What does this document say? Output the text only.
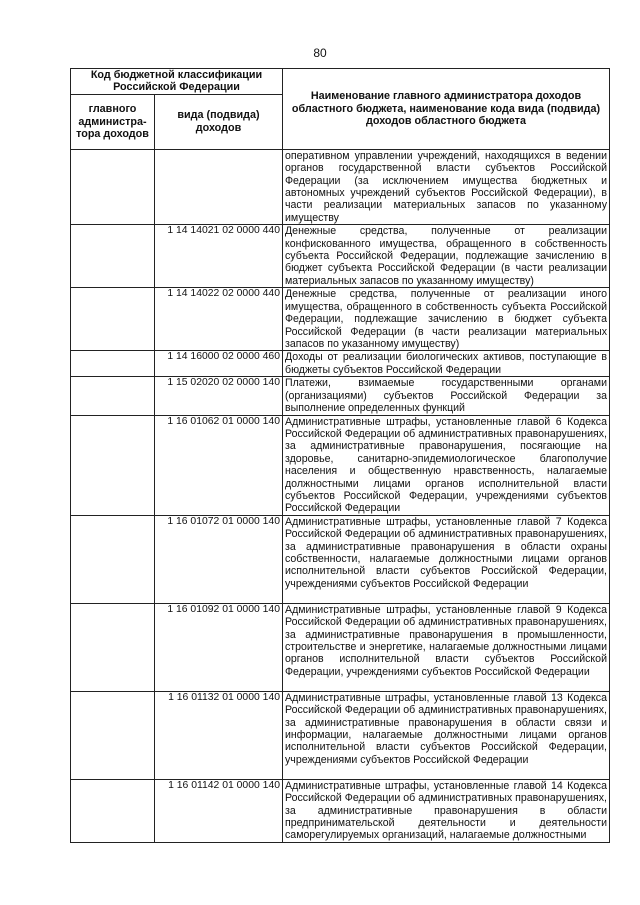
80
Код бюджетной классификации Российской Федерации		Наименование главного администратора доходов областного бюджета, наименование кода вида (подвида) доходов областного бюджета
главного администра-тора доходов	вида (подвида) доходов	
		оперативном управлении учреждений, находящихся в ведении органов государственной власти субъектов Российской Федерации (за исключением имущества бюджетных и автономных учреждений субъектов Российской Федерации), в части реализации материальных запасов по указанному имуществу
	1 14 14021 02 0000 440	Денежные средства, полученные от реализации конфискованного имущества, обращенного в собственность субъекта Российской Федерации, подлежащие зачислению в бюджет субъекта Российской Федерации (в части реализации материальных запасов по указанному имуществу)
	1 14 14022 02 0000 440	Денежные средства, полученные от реализации иного имущества, обращенного в собственность субъекта Российской Федерации, подлежащие зачислению в бюджет субъекта Российской Федерации (в части реализации материальных запасов по указанному имуществу)
	1 14 16000 02 0000 460	Доходы от реализации биологических активов, поступающие в бюджеты субъектов Российской Федерации
	1 15 02020 02 0000 140	Платежи, взимаемые государственными органами (организациями) субъектов Российской Федерации за выполнение определенных функций
	1 16 01062 01 0000 140	Административные штрафы, установленные главой 6 Кодекса Российской Федерации об административных правонарушениях, за административные правонарушения, посягающие на здоровье, санитарно-эпидемиологическое благополучие населения и общественную нравственность, налагаемые должностными лицами органов исполнительной власти субъектов Российской Федерации, учреждениями субъектов Российской Федерации
	1 16 01072 01 0000 140	Административные штрафы, установленные главой 7 Кодекса Российской Федерации об административных правонарушениях, за административные правонарушения в области охраны собственности, налагаемые должностными лицами органов исполнительной власти субъектов Российской Федерации, учреждениями субъектов Российской Федерации
	1 16 01092 01 0000 140	Административные штрафы, установленные главой 9 Кодекса Российской Федерации об административных правонарушениях, за административные правонарушения в промышленности, строительстве и энергетике, налагаемые должностными лицами органов исполнительной власти субъектов Российской Федерации, учреждениями субъектов Российской Федерации
	1 16 01132 01 0000 140	Административные штрафы, установленные главой 13 Кодекса Российской Федерации об административных правонарушениях, за административные правонарушения в области связи и информации, налагаемые должностными лицами органов исполнительной власти субъектов Российской Федерации, учреждениями субъектов Российской Федерации
	1 16 01142 01 0000 140	Административные штрафы, установленные главой 14 Кодекса Российской Федерации об административных правонарушениях, за административные правонарушения в области предпринимательской деятельности и деятельности саморегулируемых организаций, налагаемые должностными
